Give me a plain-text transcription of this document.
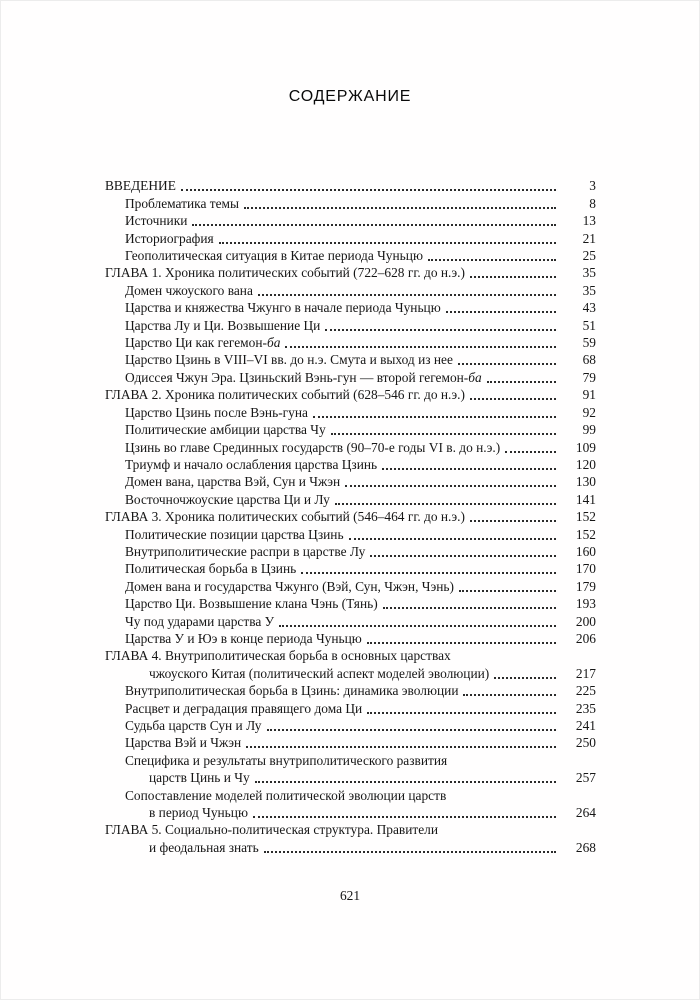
СОДЕРЖАНИЕ
ВВЕДЕНИЕ	3
Проблематика темы	8
Источники	13
Историография	21
Геополитическая ситуация в Китае периода Чуньцю	25
ГЛАВА 1. Хроника политических событий (722–628 гг. до н.э.)	35
Домен чжоуского вана	35
Царства и княжества Чжунго в начале периода Чуньцю	43
Царства Лу и Ци. Возвышение Ци	51
Царство Ци как гегемон-ба	59
Царство Цзинь в VIII–VI вв. до н.э. Смута и выход из нее	68
Одиссея Чжун Эра. Цзиньский Вэнь-гун — второй гегемон-ба	79
ГЛАВА 2. Хроника политических событий (628–546 гг. до н.э.)	91
Царство Цзинь после Вэнь-гуна	92
Политические амбиции царства Чу	99
Цзинь во главе Срединных государств (90–70-е годы VI в. до н.э.)	109
Триумф и начало ослабления царства Цзинь	120
Домен вана, царства Вэй, Сун и Чжэн	130
Восточночжоуские царства Ци и Лу	141
ГЛАВА 3. Хроника политических событий (546–464 гг. до н.э.)	152
Политические позиции царства Цзинь	152
Внутриполитические распри в царстве Лу	160
Политическая борьба в Цзинь	170
Домен вана и государства Чжунго (Вэй, Сун, Чжэн, Чэнь)	179
Царство Ци. Возвышение клана Чэнь (Тянь)	193
Чу под ударами царства У	200
Царства У и Юэ в конце периода Чуньцю	206
ГЛАВА 4. Внутриполитическая борьба в основных царствах
чжоуского Китая (политический аспект моделей эволюции)	217
Внутриполитическая борьба в Цзинь: динамика эволюции	225
Расцвет и деградация правящего дома Ци	235
Судьба царств Сун и Лу	241
Царства Вэй и Чжэн	250
Специфика и результаты внутриполитического развития
царств Цинь и Чу	257
Сопоставление моделей политической эволюции царств
в период Чуньцю	264
ГЛАВА 5. Социально-политическая структура. Правители
и феодальная знать	268
621
